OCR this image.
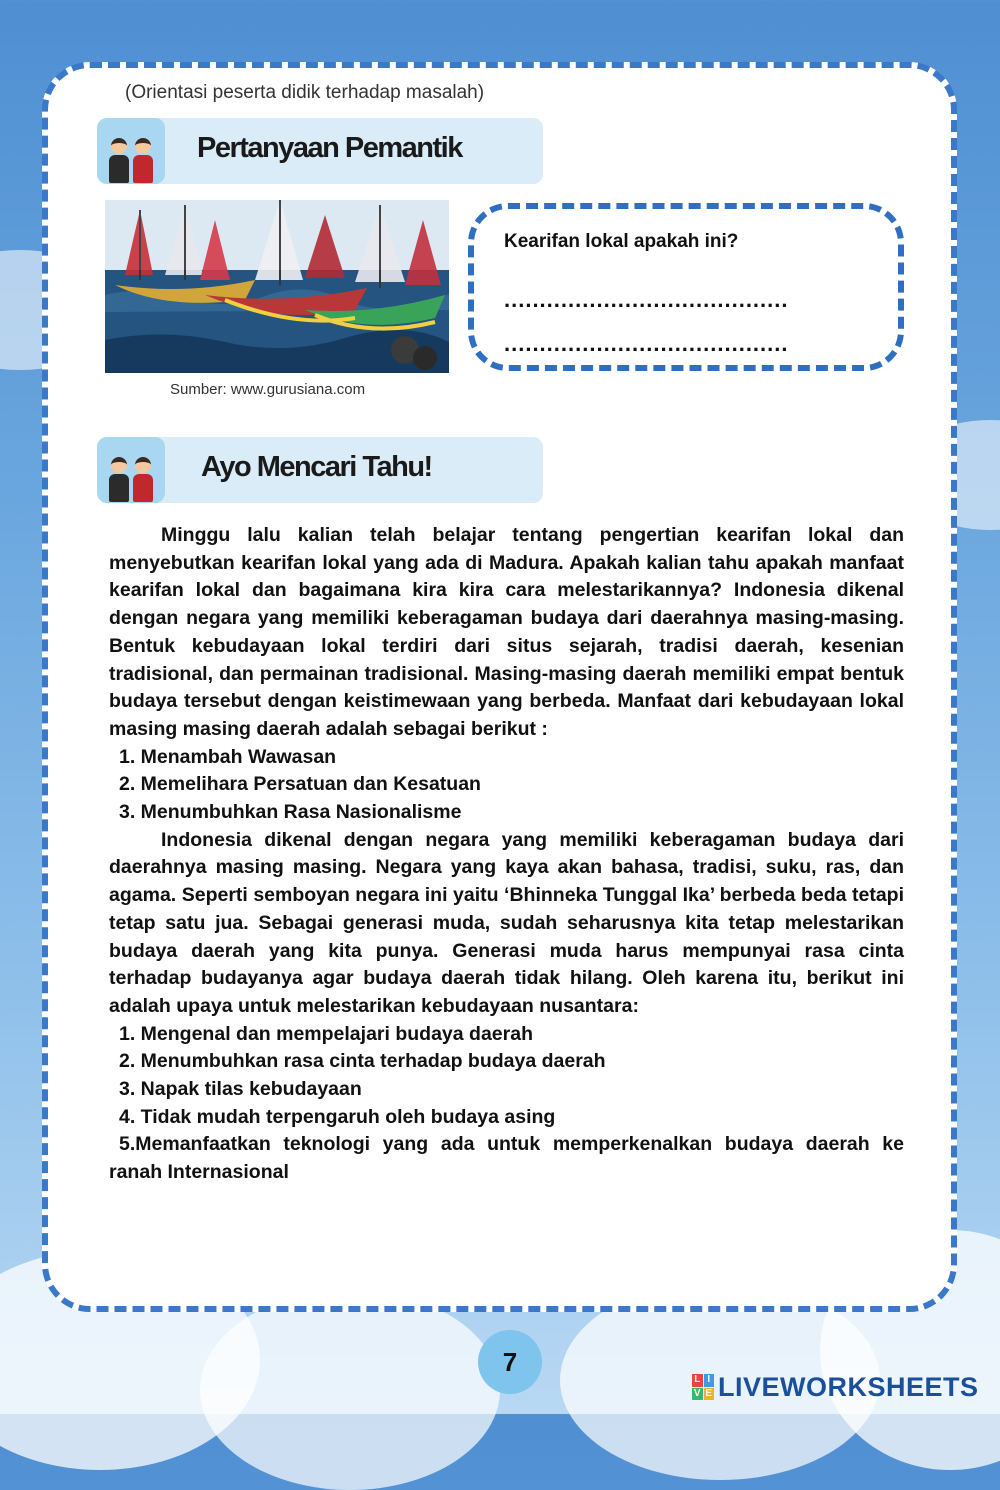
(Orientasi peserta didik terhadap masalah)
Pertanyaan Pemantik
Sumber: www.gurusiana.com
Kearifan lokal apakah ini?
........................................
........................................
Ayo Mencari Tahu!

Minggu lalu kalian telah belajar tentang pengertian kearifan lokal dan menyebutkan kearifan lokal yang ada di Madura. Apakah kalian tahu apakah manfaat kearifan lokal dan bagaimana kira kira cara melestarikannya? Indonesia dikenal dengan negara yang memiliki keberagaman budaya dari daerahnya masing-masing. Bentuk kebudayaan lokal terdiri dari situs sejarah, tradisi daerah, kesenian tradisional, dan permainan tradisional. Masing-masing daerah memiliki empat bentuk budaya tersebut dengan keistimewaan yang berbeda. Manfaat dari kebudayaan lokal masing masing daerah adalah sebagai berikut :

1. Menambah Wawasan
2. Memelihara Persatuan dan Kesatuan
3. Menumbuhkan Rasa Nasionalisme

Indonesia dikenal dengan negara yang memiliki keberagaman budaya dari daerahnya masing masing. Negara yang kaya akan bahasa, tradisi, suku, ras, dan agama. Seperti semboyan negara ini yaitu ‘Bhinneka Tunggal Ika’ berbeda beda tetapi tetap satu jua. Sebagai generasi muda, sudah seharusnya kita tetap melestarikan budaya daerah yang kita punya. Generasi muda harus mempunyai rasa cinta terhadap budayanya agar budaya daerah tidak hilang. Oleh karena itu, berikut ini adalah upaya untuk melestarikan kebudayaan nusantara:

1. Mengenal dan mempelajari budaya daerah
2. Menumbuhkan rasa cinta terhadap budaya daerah
3. Napak tilas kebudayaan
4. Tidak mudah terpengaruh oleh budaya asing

5.Memanfaatkan teknologi yang ada untuk memperkenalkan budaya daerah ke ranah Internasional

7
L I
V E LIVEWORKSHEETS
